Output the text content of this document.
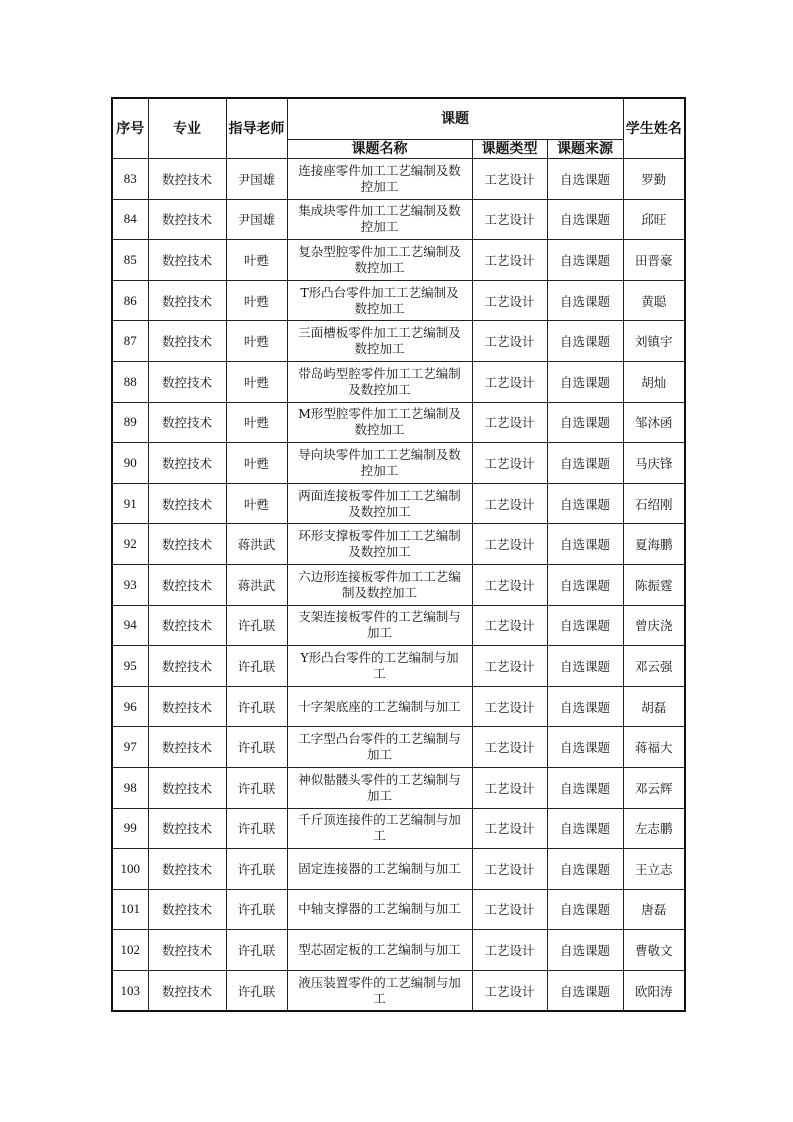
序号	专业	指导老师	课题			学生姓名
			课题名称	课题类型	课题来源	
83	数控技术	尹国雄	连接座零件加工工艺编制及数控加工	工艺设计	自选课题	罗勤
84	数控技术	尹国雄	集成块零件加工工艺编制及数控加工	工艺设计	自选课题	邱旺
85	数控技术	叶甦	复杂型腔零件加工工艺编制及数控加工	工艺设计	自选课题	田晋豪
86	数控技术	叶甦	T形凸台零件加工工艺编制及数控加工	工艺设计	自选课题	黄聪
87	数控技术	叶甦	三面槽板零件加工工艺编制及数控加工	工艺设计	自选课题	刘镇宇
88	数控技术	叶甦	带岛屿型腔零件加工工艺编制及数控加工	工艺设计	自选课题	胡灿
89	数控技术	叶甦	M形型腔零件加工工艺编制及数控加工	工艺设计	自选课题	邹沐函
90	数控技术	叶甦	导向块零件加工工艺编制及数控加工	工艺设计	自选课题	马庆锋
91	数控技术	叶甦	两面连接板零件加工工艺编制及数控加工	工艺设计	自选课题	石绍刚
92	数控技术	蒋洪武	环形支撑板零件加工工艺编制及数控加工	工艺设计	自选课题	夏海鹏
93	数控技术	蒋洪武	六边形连接板零件加工工艺编制及数控加工	工艺设计	自选课题	陈振霆
94	数控技术	许孔联	支架连接板零件的工艺编制与加工	工艺设计	自选课题	曾庆浇
95	数控技术	许孔联	Y形凸台零件的工艺编制与加工	工艺设计	自选课题	邓云强
96	数控技术	许孔联	十字架底座的工艺编制与加工	工艺设计	自选课题	胡磊
97	数控技术	许孔联	工字型凸台零件的工艺编制与加工	工艺设计	自选课题	蒋福大
98	数控技术	许孔联	神似骷髅头零件的工艺编制与加工	工艺设计	自选课题	邓云辉
99	数控技术	许孔联	千斤顶连接件的工艺编制与加工	工艺设计	自选课题	左志鹏
100	数控技术	许孔联	固定连接器的工艺编制与加工	工艺设计	自选课题	王立志
101	数控技术	许孔联	中轴支撑器的工艺编制与加工	工艺设计	自选课题	唐磊
102	数控技术	许孔联	型芯固定板的工艺编制与加工	工艺设计	自选课题	曹敬文
103	数控技术	许孔联	液压装置零件的工艺编制与加工	工艺设计	自选课题	欧阳涛
